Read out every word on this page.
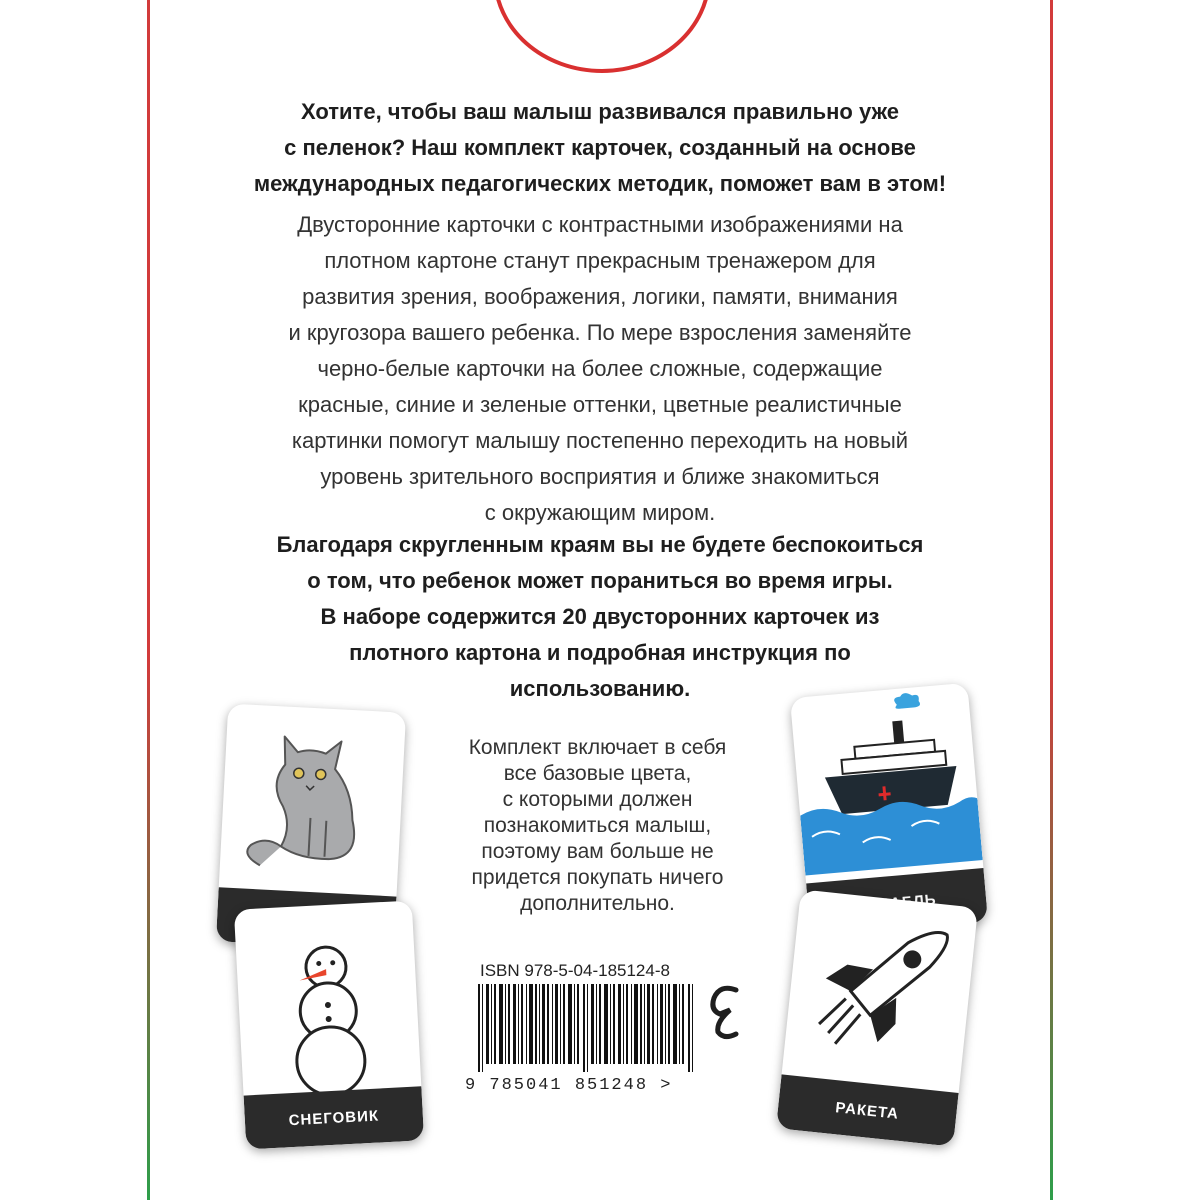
Хотите, чтобы ваш малыш развивался правильно уже
с пеленок? Наш комплект карточек, созданный на основе
международных педагогических методик, поможет вам в этом!
Двусторонние карточки с контрастными изображениями на
плотном картоне станут прекрасным тренажером для
развития зрения, воображения, логики, памяти, внимания
и кругозора вашего ребенка. По мере взросления заменяйте
черно-белые карточки на более сложные, содержащие
красные, синие и зеленые оттенки, цветные реалистичные
картинки помогут малышу постепенно переходить на новый
уровень зрительного восприятия и ближе знакомиться
с окружающим миром.
Благодаря скругленным краям вы не будете беспокоиться
о том, что ребенок может пораниться во время игры.
В наборе содержится 20 двусторонних карточек из
плотного картона и подробная инструкция по
использованию.
СНЕГОВИК	РАКЕТА
Комплект включает в себя
все базовые цвета,
с которыми должен
познакомиться малыш,
поэтому вам больше не
придется покупать ничего
дополнительно.
ISBN 978-5-04-185124-8
9 785041 851248 >
